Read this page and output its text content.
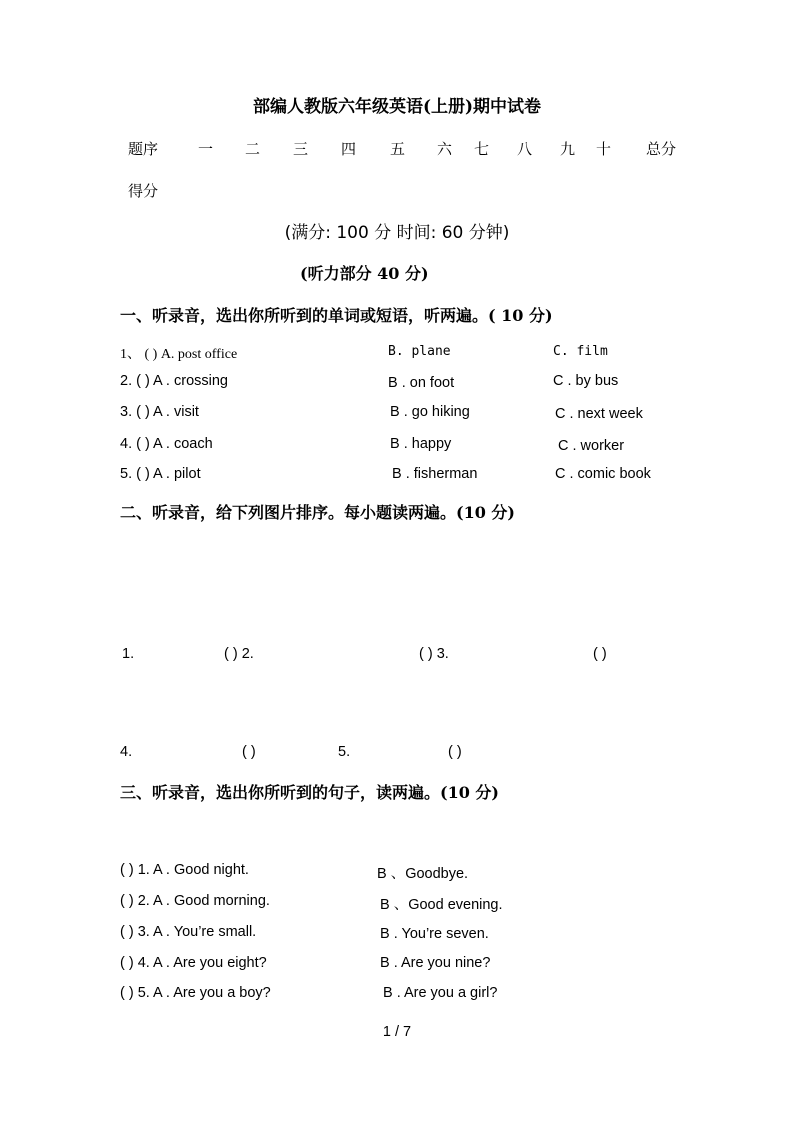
部编人教版六年级英语(上册)期中试卷
题序	一 二 三 四 五 六 七 八 九 十 总分
得分
(满分: 100 分 时间: 60 分钟)
(听力部分 40 分)
一、听录音，选出你所听到的单词或短语，听两遍。( 10 分)
1、 ( ) A. post office	B. plane	C. film
2. ( ) A . crossing	B . on foot	C . by bus
3. ( ) A . visit	B . go hiking	C . next week
4. ( ) A . coach	B . happy	C . worker
5. ( ) A . pilot	B . fisherman	C . comic book
二、听录音，给下列图片排序。每小题读两遍。(10 分)
1.	( ) 2.	( ) 3.	( )
4.	( )	5.	( )
三、听录音，选出你所听到的句子，读两遍。(10 分)
( ) 1. A . Good night.	B 、Goodbye.
( ) 2. A . Good morning.	B 、Good evening.
( ) 3. A . You’re small.	B . You’re seven.
( ) 4. A . Are you eight?	B . Are you nine?
( ) 5. A . Are you a boy?	B . Are you a girl?
1 / 7
